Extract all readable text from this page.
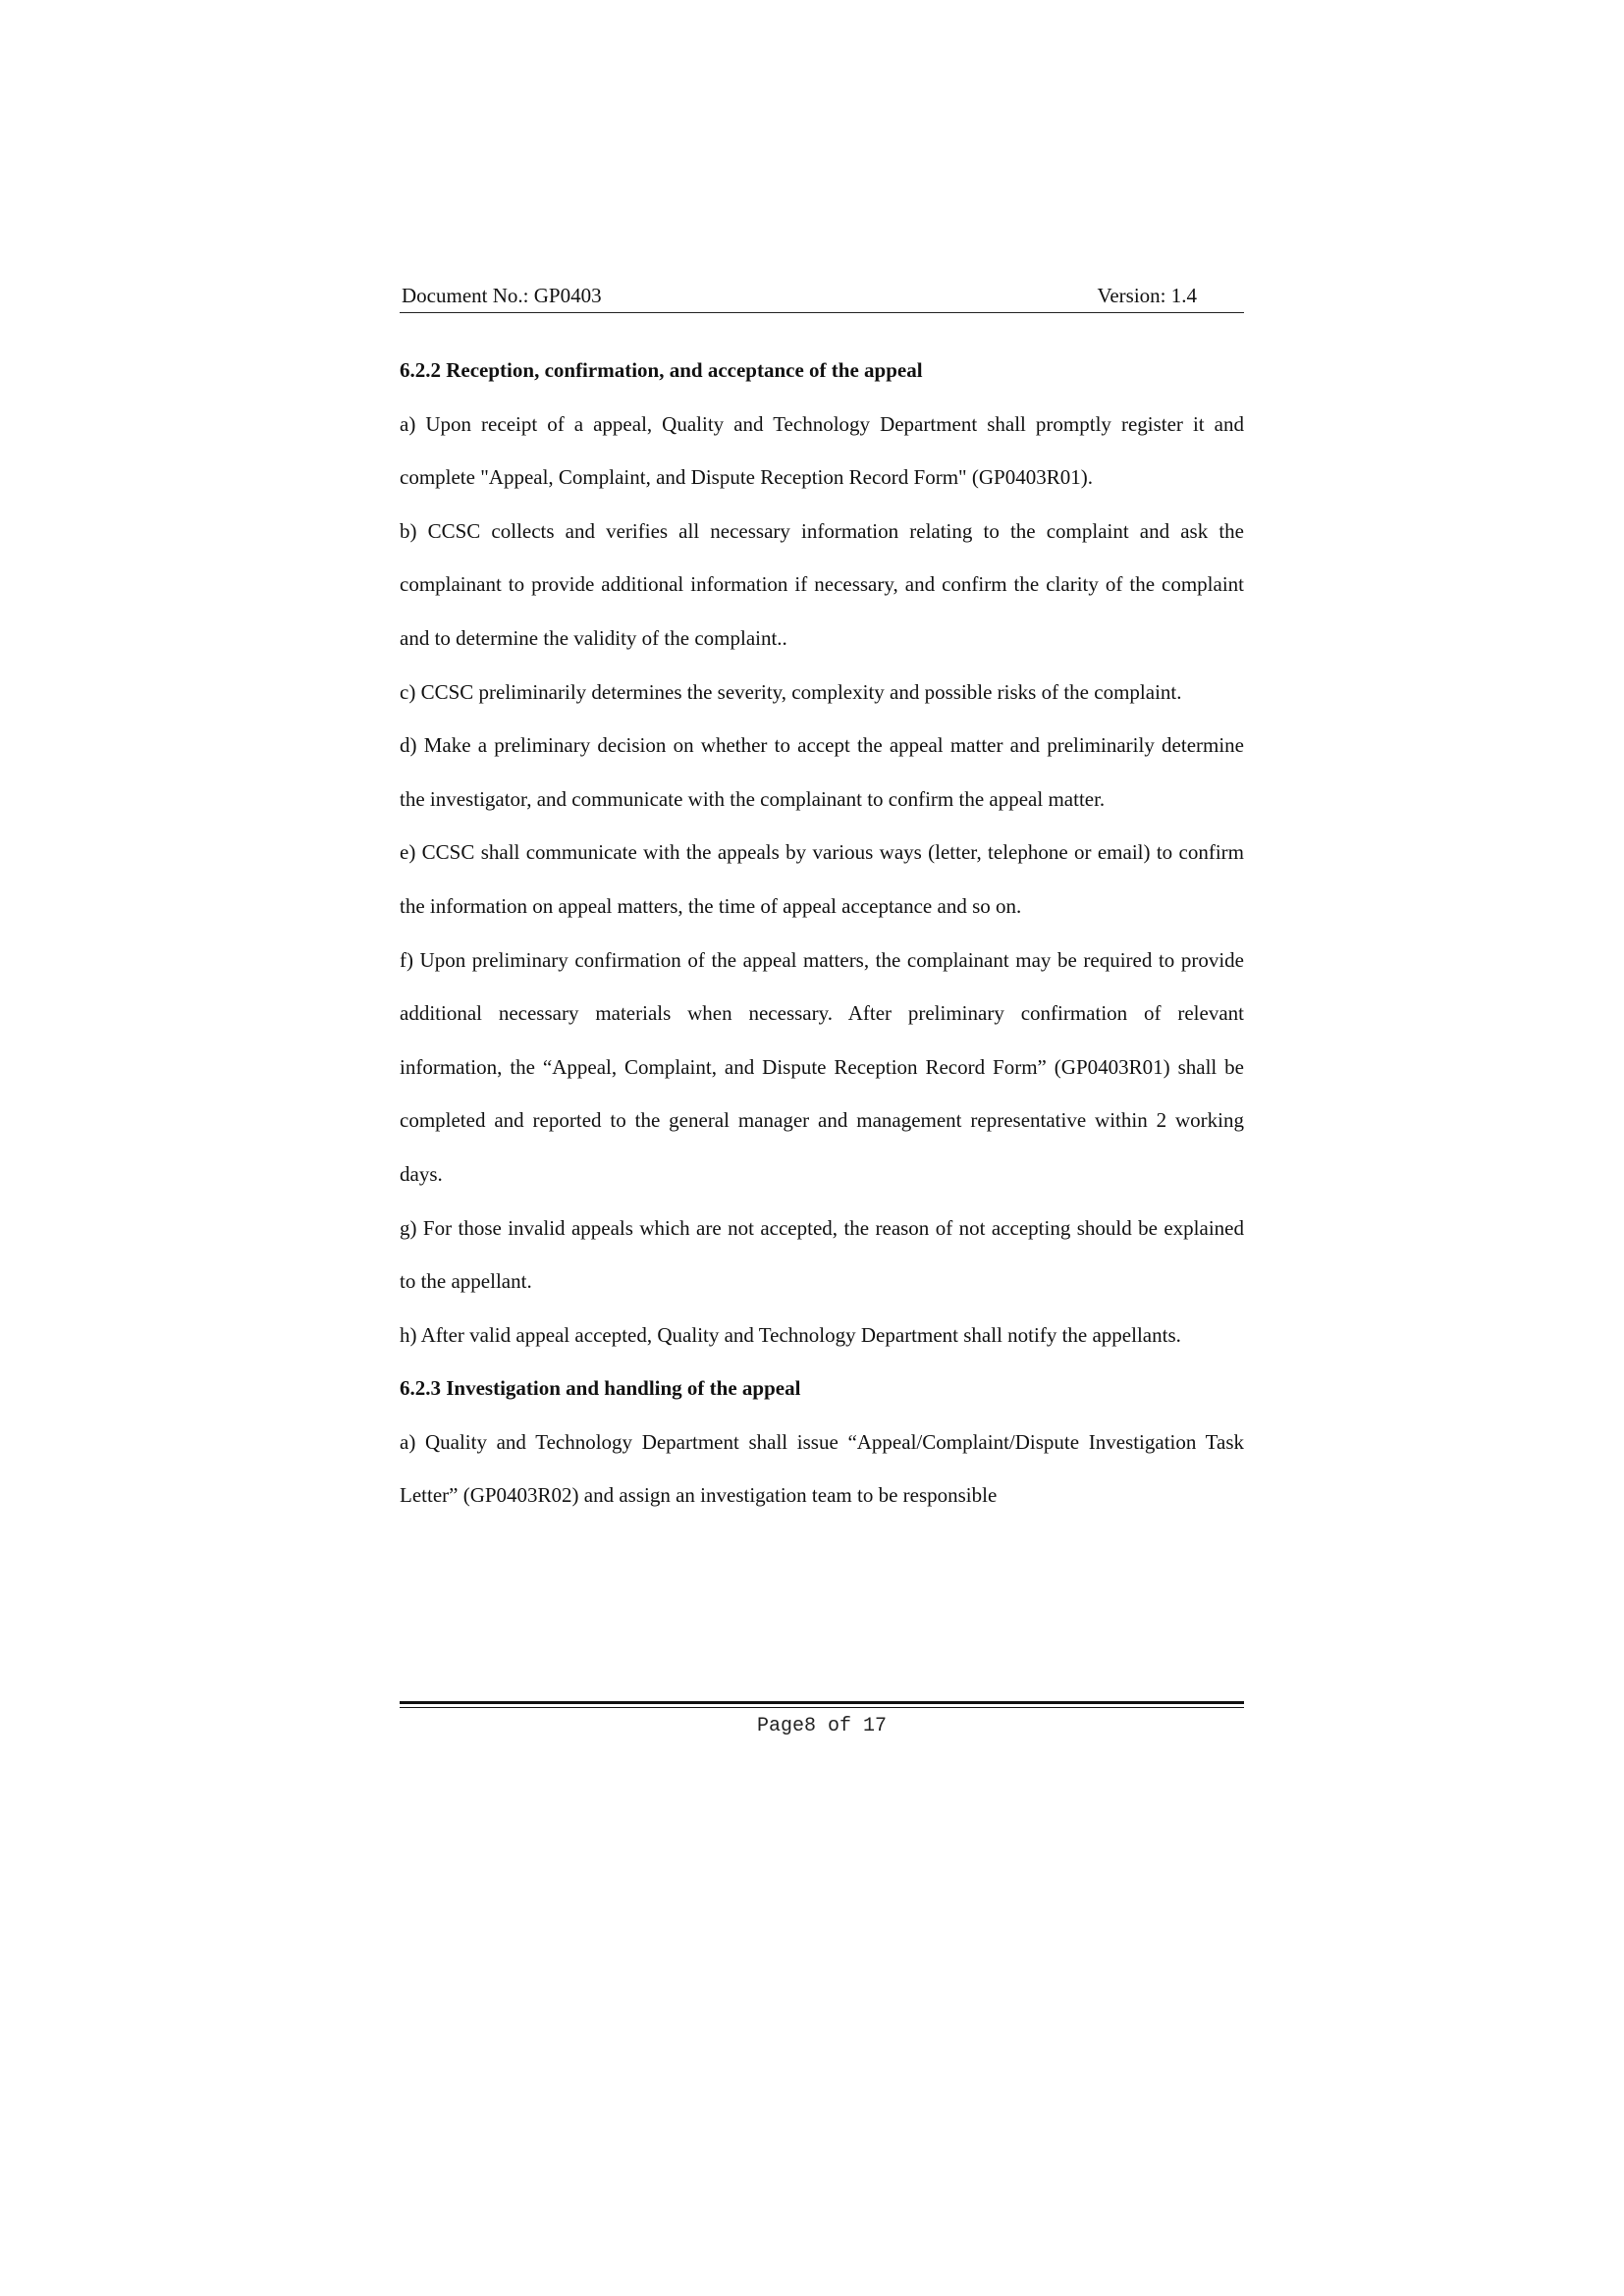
Document No.: GP0403	Version: 1.4

6.2.2 Reception, confirmation, and acceptance of the appeal

a) Upon receipt of a appeal, Quality and Technology Department shall promptly register it and complete "Appeal, Complaint, and Dispute Reception Record Form" (GP0403R01).

b) CCSC collects and verifies all necessary information relating to the complaint and ask the complainant to provide additional information if necessary, and confirm the clarity of the complaint and to determine the validity of the complaint..

c) CCSC preliminarily determines the severity, complexity and possible risks of the complaint.

d) Make a preliminary decision on whether to accept the appeal matter and preliminarily determine the investigator, and communicate with the complainant to confirm the appeal matter.

e) CCSC shall communicate with the appeals by various ways (letter, telephone or email) to confirm the information on appeal matters, the time of appeal acceptance and so on.

f) Upon preliminary confirmation of the appeal matters, the complainant may be required to provide additional necessary materials when necessary. After preliminary confirmation of relevant information, the “Appeal, Complaint, and Dispute Reception Record Form” (GP0403R01) shall be completed and reported to the general manager and management representative within 2 working days.

g) For those invalid appeals which are not accepted, the reason of not accepting should be explained to the appellant.

h) After valid appeal accepted, Quality and Technology Department shall notify the appellants.

6.2.3 Investigation and handling of the appeal

a) Quality and Technology Department shall issue “Appeal/Complaint/Dispute Investigation Task Letter” (GP0403R02) and assign an investigation team to be responsible

Page8 of 17
